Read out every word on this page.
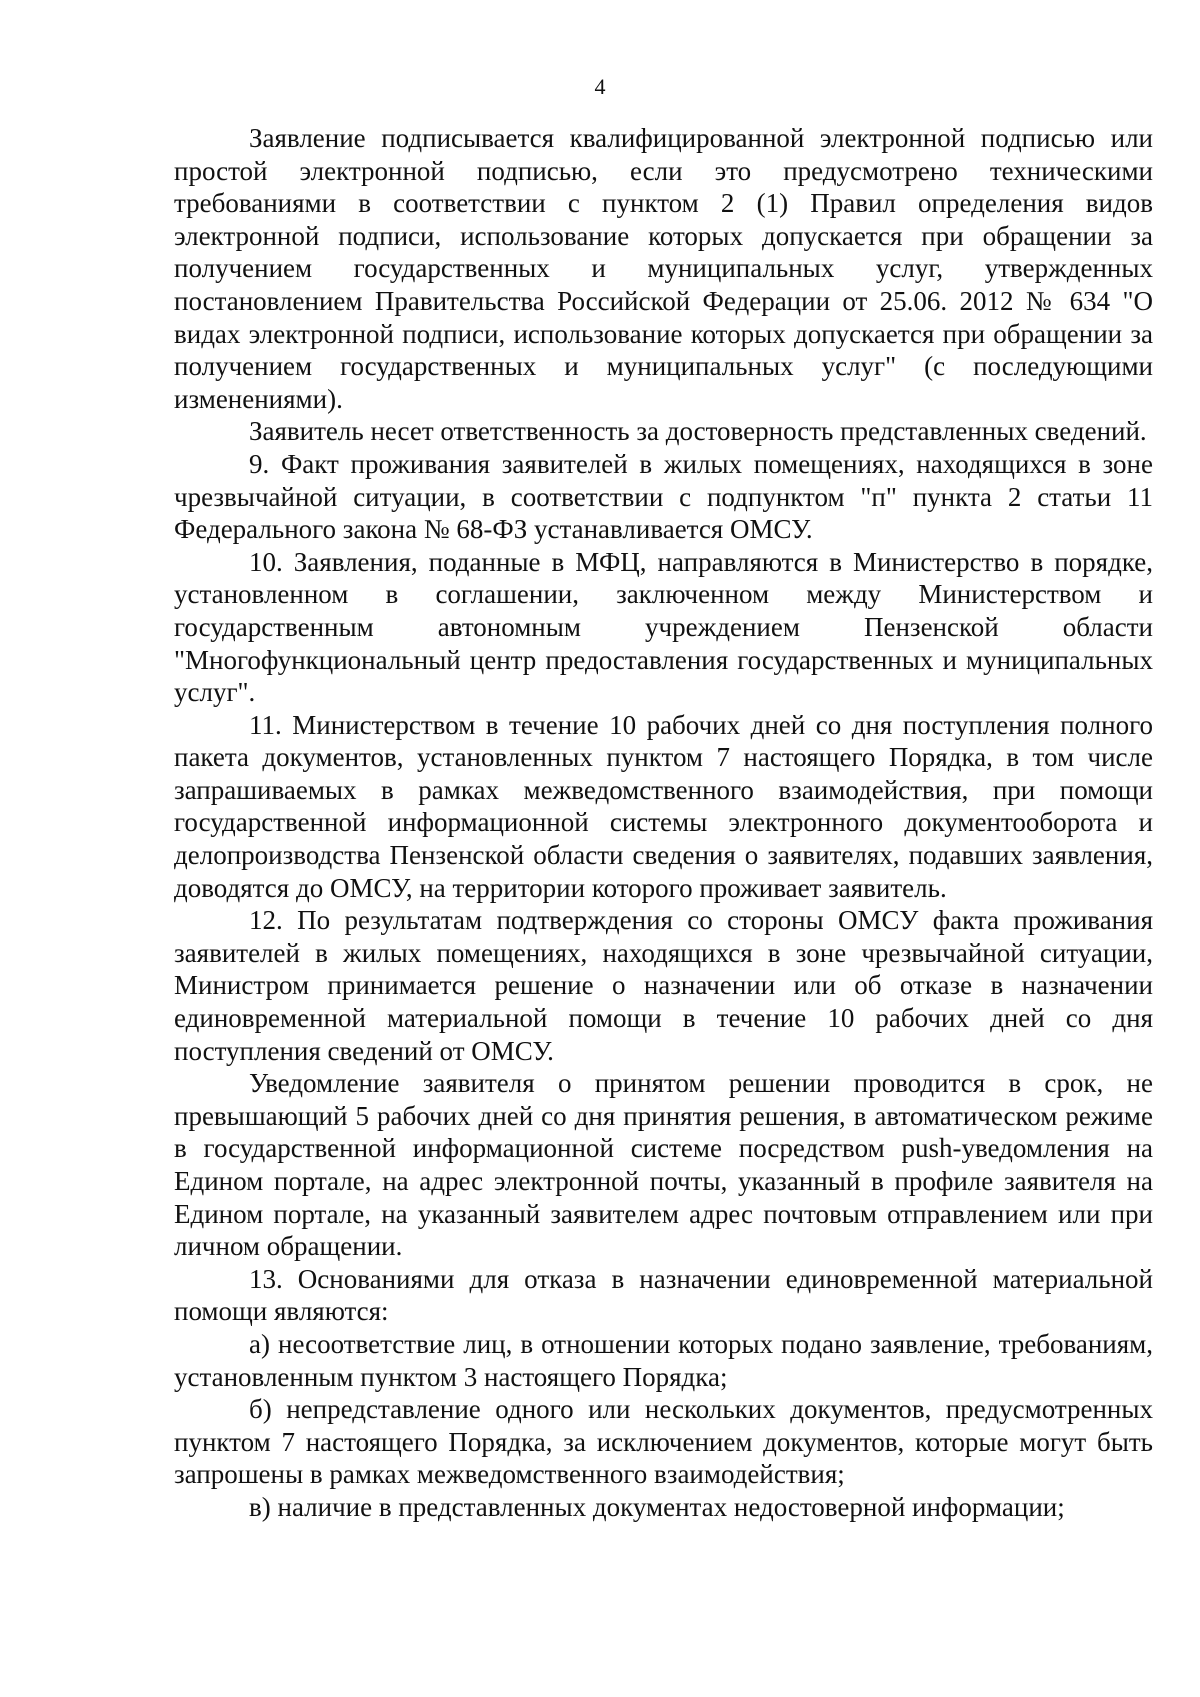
4

Заявление подписывается квалифицированной электронной подписью или простой электронной подписью, если это предусмотрено техническими требованиями в соответствии с пунктом 2 (1) Правил определения видов электронной подписи, использование которых допускается при обращении за получением государственных и муниципальных услуг, утвержденных постановлением Правительства Российской Федерации от 25.06. 2012 № 634 "О видах электронной подписи, использование которых допускается при обращении за получением государственных и муниципальных услуг" (с последующими изменениями).

Заявитель несет ответственность за достоверность представленных сведений.

9. Факт проживания заявителей в жилых помещениях, находящихся в зоне чрезвычайной ситуации, в соответствии с подпунктом "п" пункта 2 статьи 11 Федерального закона № 68-ФЗ устанавливается ОМСУ.

10. Заявления, поданные в МФЦ, направляются в Министерство в порядке, установленном в соглашении, заключенном между Министерством и государственным автономным учреждением Пензенской области "Многофункциональный центр предоставления государственных и муниципальных услуг".

11. Министерством в течение 10 рабочих дней со дня поступления полного пакета документов, установленных пунктом 7 настоящего Порядка, в том числе запрашиваемых в рамках межведомственного взаимодействия, при помощи государственной информационной системы электронного документооборота и делопроизводства Пензенской области сведения о заявителях, подавших заявления, доводятся до ОМСУ, на территории которого проживает заявитель.

12. По результатам подтверждения со стороны ОМСУ факта проживания заявителей в жилых помещениях, находящихся в зоне чрезвычайной ситуации, Министром принимается решение о назначении или об отказе в назначении единовременной материальной помощи в течение 10 рабочих дней со дня поступления сведений от ОМСУ.

Уведомление заявителя о принятом решении проводится в срок, не превышающий 5 рабочих дней со дня принятия решения, в автоматическом режиме в государственной информационной системе посредством push-уведомления на Едином портале, на адрес электронной почты, указанный в профиле заявителя на Едином портале, на указанный заявителем адрес почтовым отправлением или при личном обращении.

13. Основаниями для отказа в назначении единовременной материальной помощи являются:

а) несоответствие лиц, в отношении которых подано заявление, требованиям, установленным пунктом 3 настоящего Порядка;

б) непредставление одного или нескольких документов, предусмотренных пунктом 7 настоящего Порядка, за исключением документов, которые могут быть запрошены в рамках межведомственного взаимодействия;

в) наличие в представленных документах недостоверной информации;
